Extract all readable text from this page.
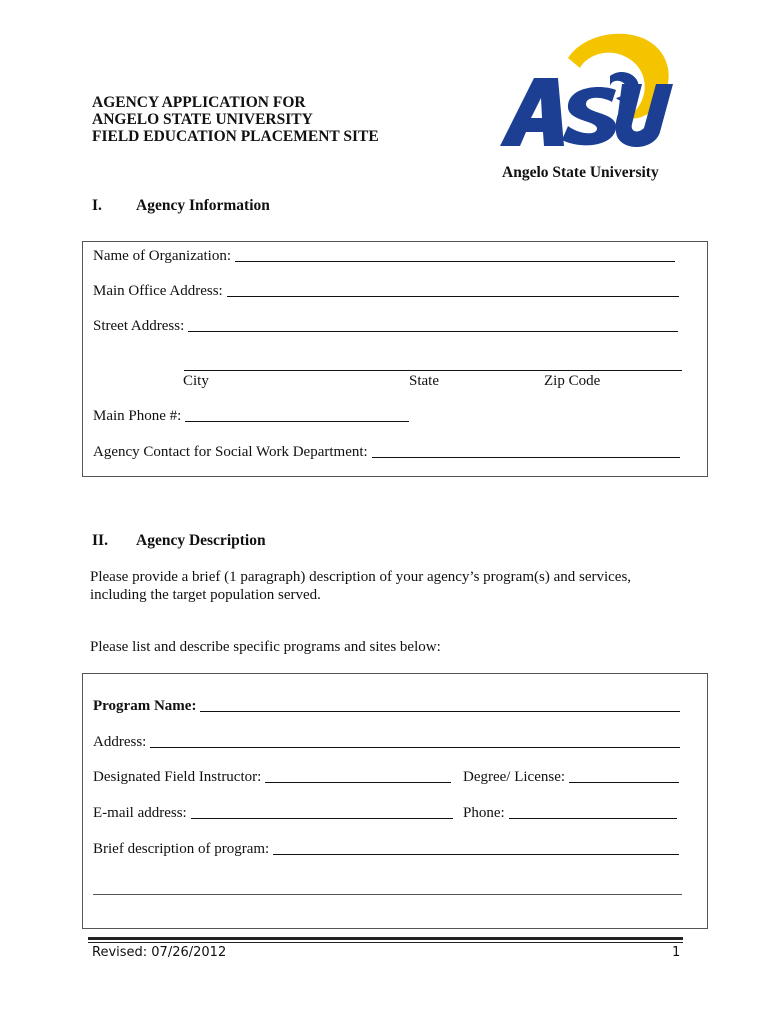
AGENCY APPLICATION FOR
ANGELO STATE UNIVERSITY
FIELD EDUCATION PLACEMENT SITE
Angelo State University
I. Agency Information
Name of Organization:
Main Office Address:
Street Address:
City	State	Zip Code
Main Phone #:
Agency Contact for Social Work Department:
II. Agency Description
Please provide a brief (1 paragraph) description of your agency’s program(s) and services, including the target population served.
Please list and describe specific programs and sites below:
Program Name:
Address:
Designated Field Instructor:	Degree/ License:
E-mail address:	Phone:
Brief description of program:
Revised: 07/26/2012	1
